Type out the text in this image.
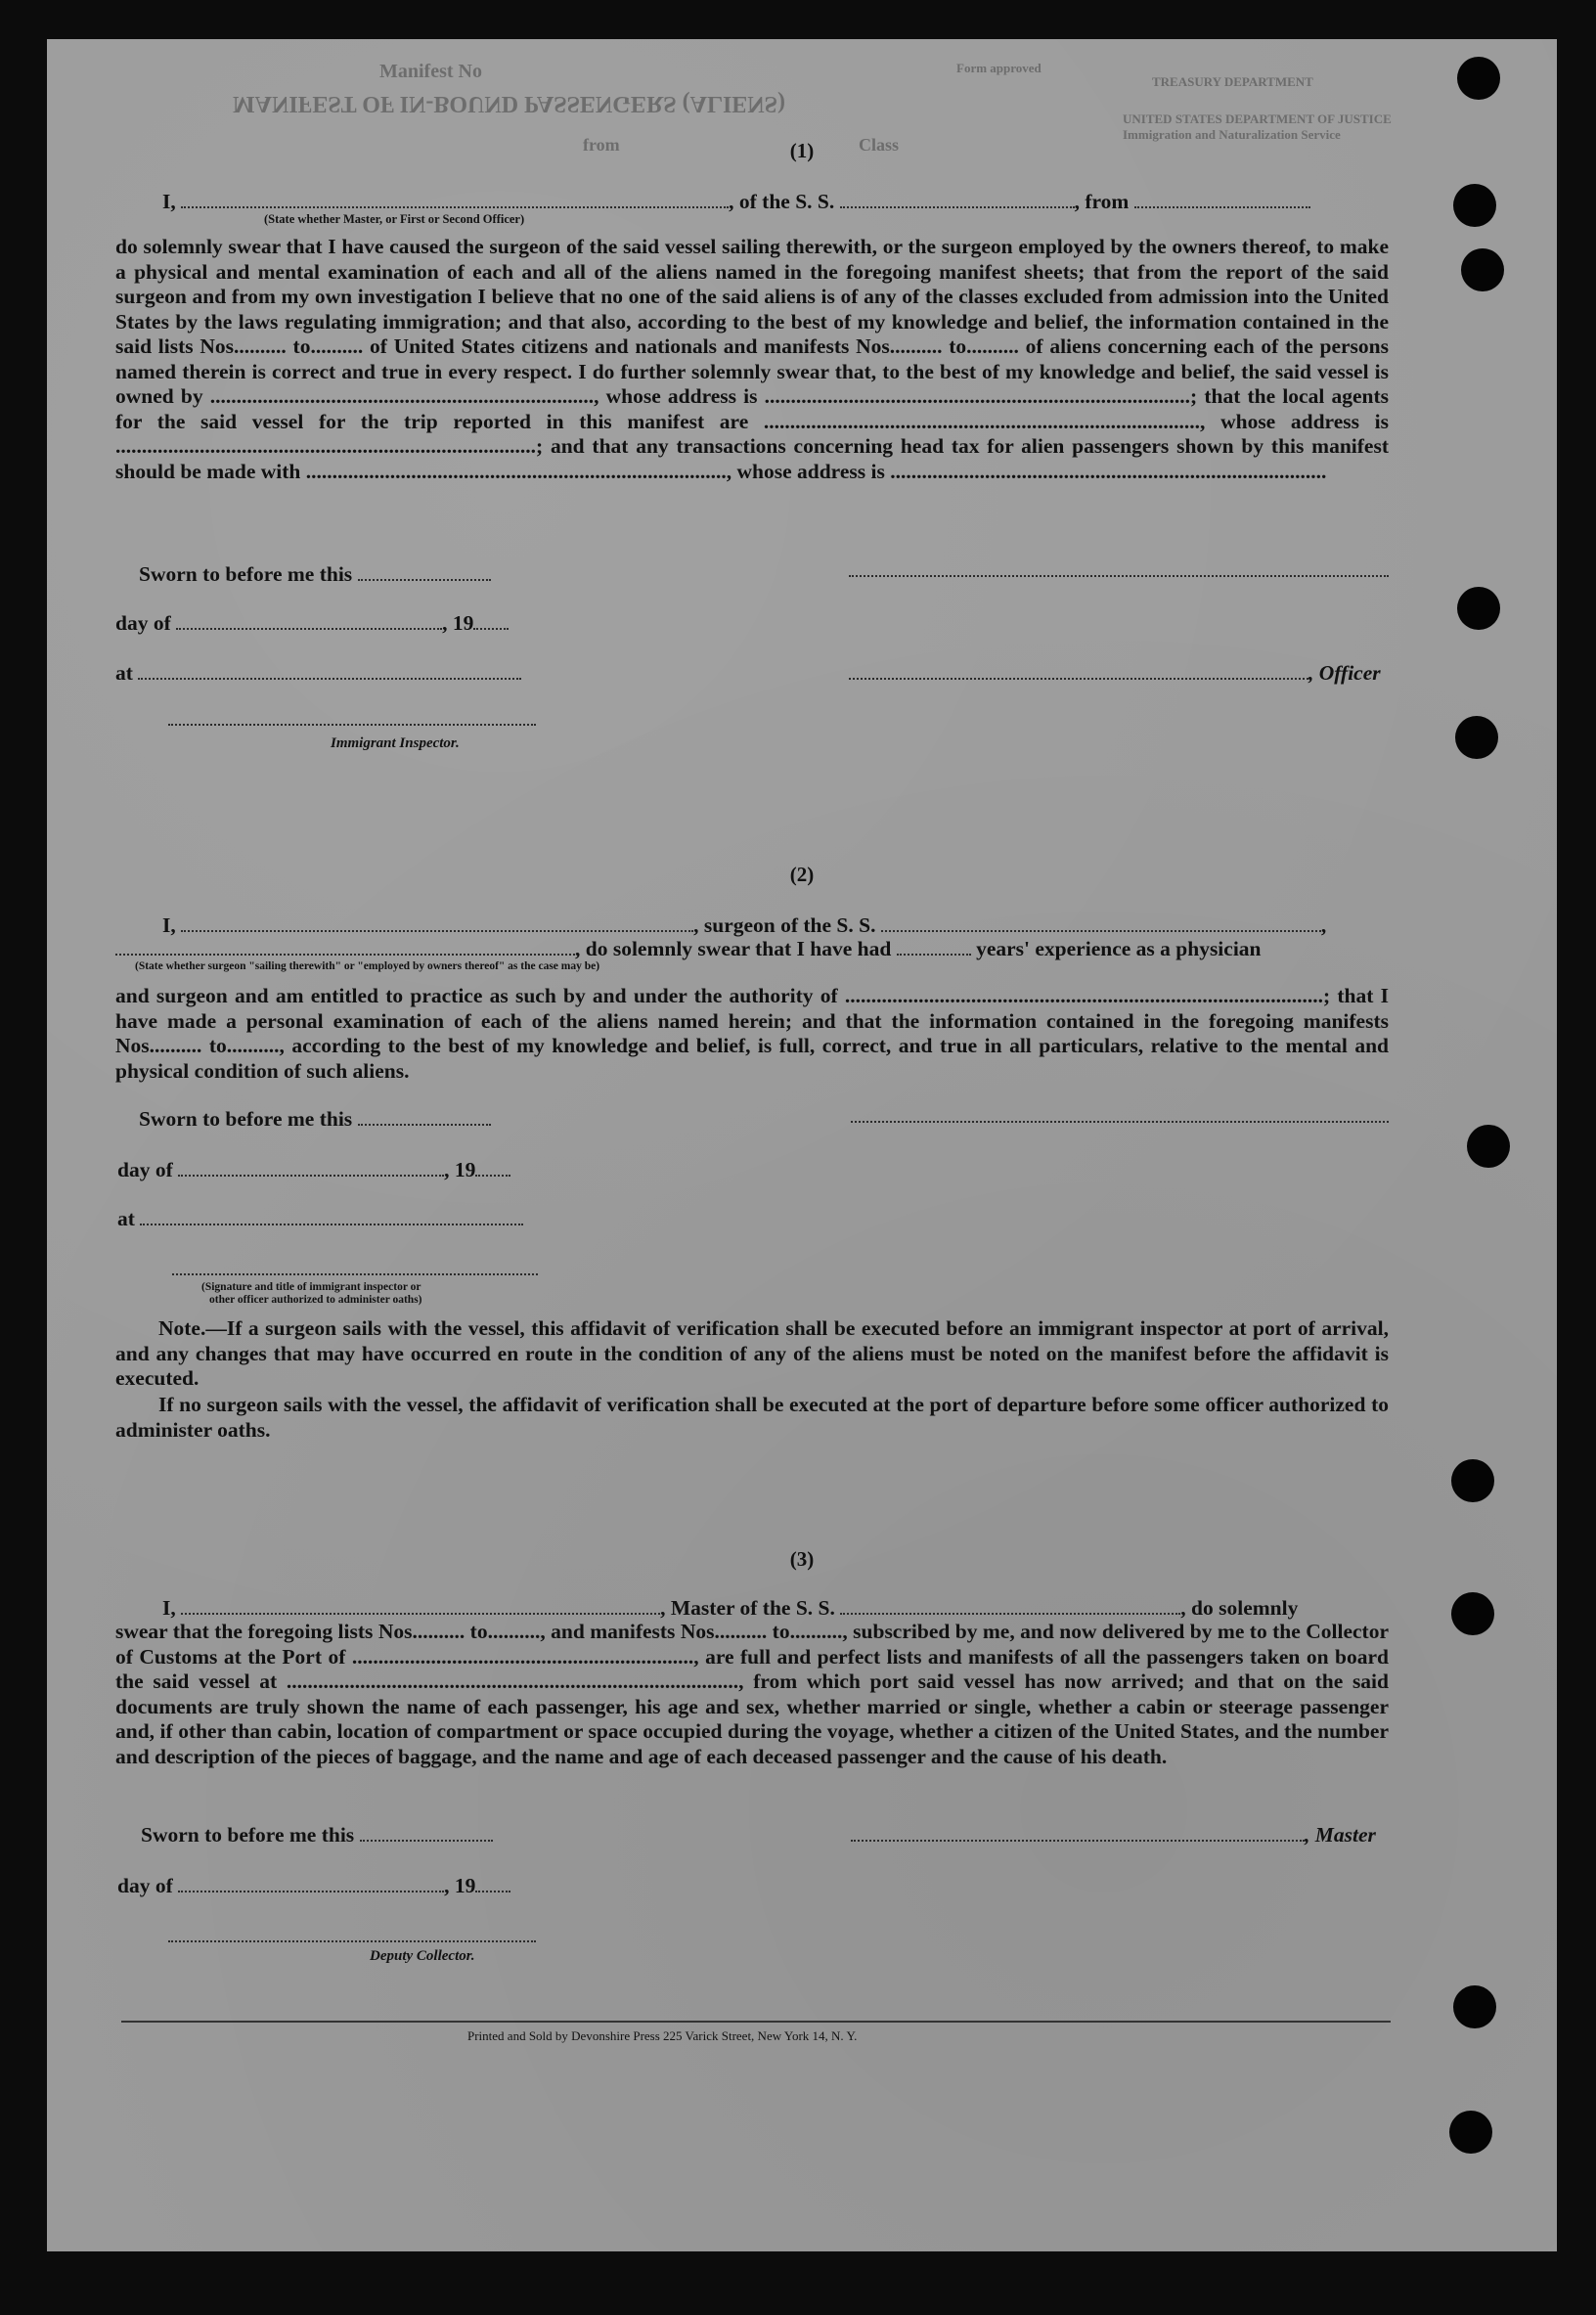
Manifest No
MANIFEST OF IN-BOUND PASSENGERS (ALIENS)
Class
from
Form approved
TREASURY DEPARTMENT
UNITED STATES DEPARTMENT OF JUSTICE
Immigration and Naturalization Service
(1)
I,	, of the S. S.	, from
(State whether Master, or First or Second Officer)
do solemnly swear that I have caused the surgeon of the said vessel sailing therewith, or the surgeon employed by the owners thereof, to make a physical and mental examination of each and all of the aliens named in the foregoing manifest sheets; that from the report of the said surgeon and from my own investigation I believe that no one of the said aliens is of any of the classes excluded from admission into the United States by the laws regulating immigration; and that also, according to the best of my knowledge and belief, the information contained in the said lists Nos.......... to.......... of United States citizens and nationals and manifests Nos.......... to.......... of aliens concerning each of the persons named therein is correct and true in every respect. I do further solemnly swear that, to the best of my knowledge and belief, the said vessel is owned by ........................................................................., whose address is .................................................................................; that the local agents for the said vessel for the trip reported in this manifest are ..................................................................................., whose address is ................................................................................; and that any transactions concerning head tax for alien passengers shown by this manifest should be made with ................................................................................, whose address is ...................................................................................
Sworn to before me this
day of	, 19
at	, Officer
Immigrant Inspector.
(2)
I,	, surgeon of the S. S.	,
, do solemnly swear that I have had	years' experience as a physician
(State whether surgeon "sailing therewith" or "employed by owners thereof" as the case may be)
and surgeon and am entitled to practice as such by and under the authority of ...........................................................................................; that I have made a personal examination of each of the aliens named herein; and that the information contained in the foregoing manifests Nos.......... to.........., according to the best of my knowledge and belief, is full, correct, and true in all particulars, relative to the mental and physical condition of such aliens.
Sworn to before me this
day of	, 19
at
(Signature and title of immigrant inspector or
other officer authorized to administer oaths)
Note.—If a surgeon sails with the vessel, this affidavit of verification shall be executed before an immigrant inspector at port of arrival, and any changes that may have occurred en route in the condition of any of the aliens must be noted on the manifest before the affidavit is executed.
If no surgeon sails with the vessel, the affidavit of verification shall be executed at the port of departure before some officer authorized to administer oaths.
(3)
I,	, Master of the S. S.	, do solemnly
swear that the foregoing lists Nos.......... to.........., and manifests Nos.......... to.........., subscribed by me, and now delivered by me to the Collector of Customs at the Port of ................................................................., are full and perfect lists and manifests of all the passengers taken on board the said vessel at ......................................................................................, from which port said vessel has now arrived; and that on the said documents are truly shown the name of each passenger, his age and sex, whether married or single, whether a cabin or steerage passenger and, if other than cabin, location of compartment or space occupied during the voyage, whether a citizen of the United States, and the number and description of the pieces of baggage, and the name and age of each deceased passenger and the cause of his death.
Sworn to before me this	, Master
day of	, 19
Deputy Collector.
Printed and Sold by Devonshire Press 225 Varick Street, New York 14, N. Y.
